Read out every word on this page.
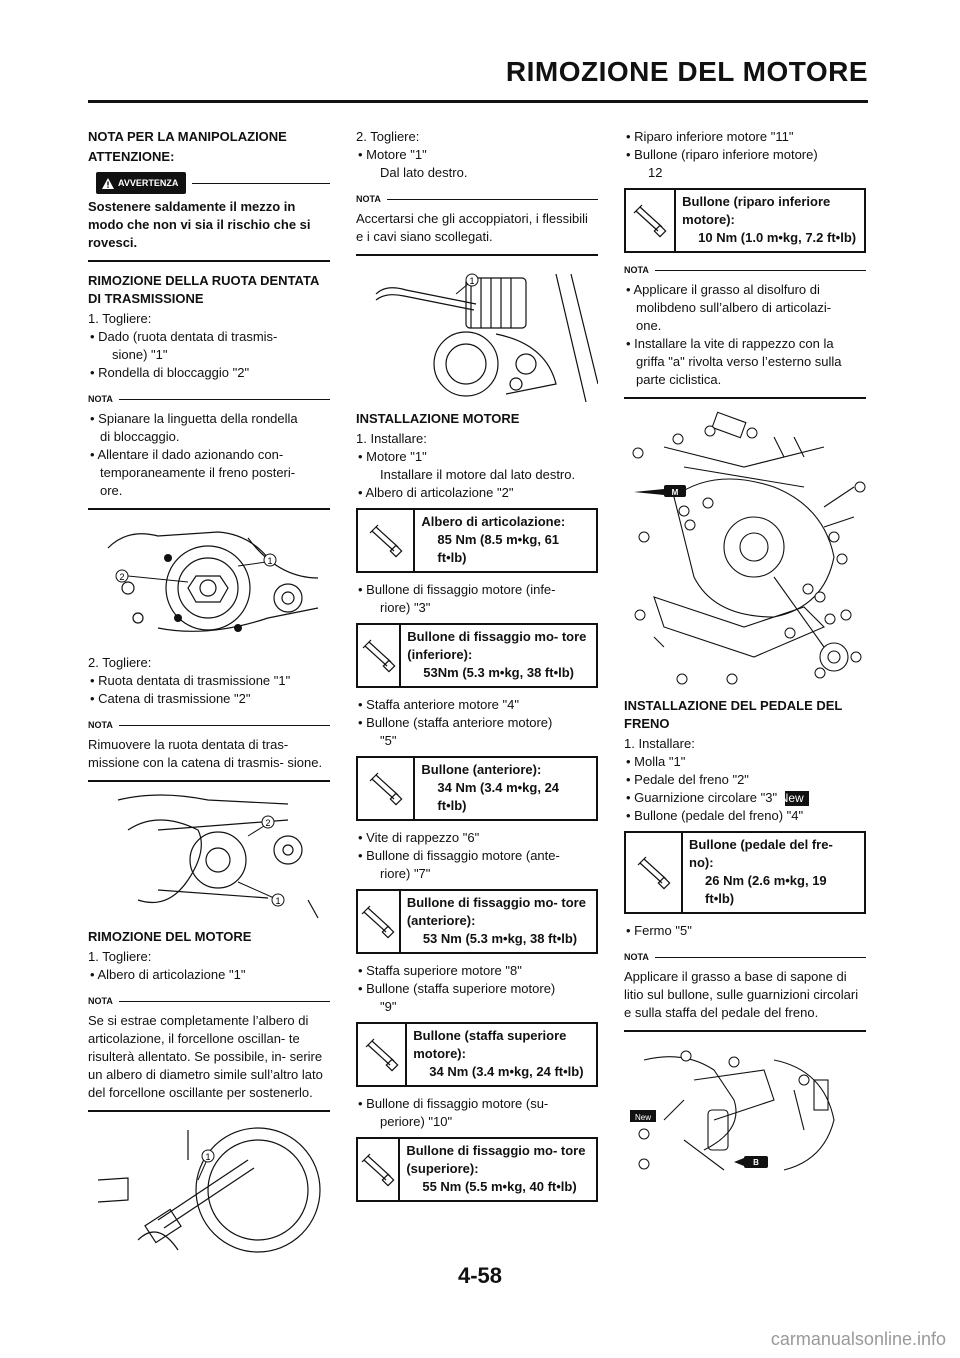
RIMOZIONE DEL MOTORE
NOTA PER LA MANIPOLAZIONE
ATTENZIONE:
AVVERTENZA
Sostenere saldamente il mezzo in modo che non vi sia il rischio che si rovesci.
RIMOZIONE DELLA RUOTA DENTATA DI TRASMISSIONE
1. Togliere:
• Dado (ruota dentata di trasmis-
sione) "1"
• Rondella di bloccaggio "2"
NOTA
• Spianare la linguetta della rondella
di bloccaggio.
• Allentare il dado azionando con-
temporaneamente il freno posteri-
ore.
1
2
2. Togliere:
• Ruota dentata di trasmissione "1"
• Catena di trasmissione "2"
NOTA
Rimuovere la ruota dentata di tras- missione con la catena di trasmis- sione.
2
1
RIMOZIONE DEL MOTORE
1. Togliere:
• Albero di articolazione "1"
NOTA
Se si estrae completamente l’albero di articolazione, il forcellone oscillan- te risulterà allentato. Se possibile, in- serire un albero di diametro simile sull’altro lato del forcellone oscillante per sostenerlo.
1
2. Togliere:
• Motore "1"
Dal lato destro.
NOTA
Accertarsi che gli accoppiatori, i flessibili e i cavi siano scollegati.
1
INSTALLAZIONE MOTORE
1. Installare:
• Motore "1"
Installare il motore dal lato destro.
• Albero di articolazione "2"
Albero di articolazione:
85 Nm (8.5 m•kg, 61 ft•lb)
• Bullone di fissaggio motore (infe-
riore) "3"
Bullone di fissaggio mo- tore (inferiore):
53Nm (5.3 m•kg, 38 ft•lb)
• Staffa anteriore motore "4"
• Bullone (staffa anteriore motore)
"5"
Bullone (anteriore):
34 Nm (3.4 m•kg, 24 ft•lb)
• Vite di rappezzo "6"
• Bullone di fissaggio motore (ante-
riore) "7"
Bullone di fissaggio mo- tore (anteriore):
53 Nm (5.3 m•kg, 38 ft•lb)
• Staffa superiore motore "8"
• Bullone (staffa superiore motore)
"9"
Bullone (staffa superiore motore):
34 Nm (3.4 m•kg, 24 ft•lb)
• Bullone di fissaggio motore (su-
periore) "10"
Bullone di fissaggio mo- tore (superiore):
55 Nm (5.5 m•kg, 40 ft•lb)
• Riparo inferiore motore "11"
• Bullone (riparo inferiore motore)
12
Bullone (riparo inferiore motore):
10 Nm (1.0 m•kg, 7.2 ft•lb)
NOTA
• Applicare il grasso al disolfuro di
molibdeno sull’albero di articolazi-
one.
• Installare la vite di rappezzo con la
griffa "a" rivolta verso l’esterno sulla
parte ciclistica.
M
INSTALLAZIONE DEL PEDALE DEL FRENO
1. Installare:
• Molla "1"
• Pedale del freno "2"
• Guarnizione circolare "3" New
• Bullone (pedale del freno) "4"
Bullone (pedale del fre- no):
26 Nm (2.6 m•kg, 19 ft•lb)
• Fermo "5"
NOTA
Applicare il grasso a base di sapone di litio sul bullone, sulle guarnizioni circolari e sulla staffa del pedale del freno.
New
B
4-58
carmanualsonline.info
